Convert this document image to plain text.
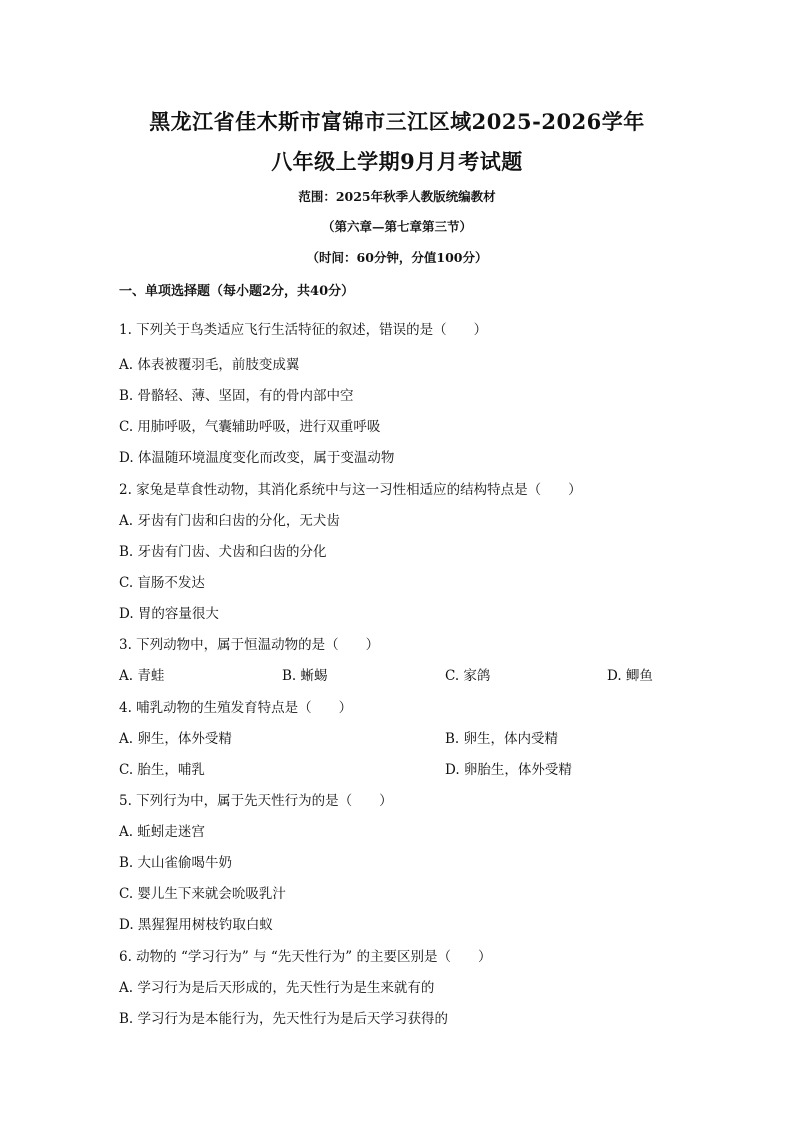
黑龙江省佳木斯市富锦市三江区域2025-2026学年
八年级上学期9月月考试题
范围：2025年秋季人教版统编教材
（第六章—第七章第三节）
（时间：60分钟，分值100分）
一、单项选择题（每小题2分，共40分）
1. 下列关于鸟类适应飞行生活特征的叙述，错误的是（　　）
A. 体表被覆羽毛，前肢变成翼
B. 骨骼轻、薄、坚固，有的骨内部中空
C. 用肺呼吸，气囊辅助呼吸，进行双重呼吸
D. 体温随环境温度变化而改变，属于变温动物
2. 家兔是草食性动物，其消化系统中与这一习性相适应的结构特点是（　　）
A. 牙齿有门齿和臼齿的分化，无犬齿
B. 牙齿有门齿、犬齿和臼齿的分化
C. 盲肠不发达
D. 胃的容量很大
3. 下列动物中，属于恒温动物的是（　　）
A. 青蛙	B. 蜥蜴	C. 家鸽	D. 鲫鱼
4. 哺乳动物的生殖发育特点是（　　）
A. 卵生，体外受精	B. 卵生，体内受精
C. 胎生，哺乳	D. 卵胎生，体外受精
5. 下列行为中，属于先天性行为的是（　　）
A. 蚯蚓走迷宫
B. 大山雀偷喝牛奶
C. 婴儿生下来就会吮吸乳汁
D. 黑猩猩用树枝钓取白蚁
6. 动物的 “学习行为” 与 “先天性行为” 的主要区别是（　　）
A. 学习行为是后天形成的，先天性行为是生来就有的
B. 学习行为是本能行为，先天性行为是后天学习获得的
